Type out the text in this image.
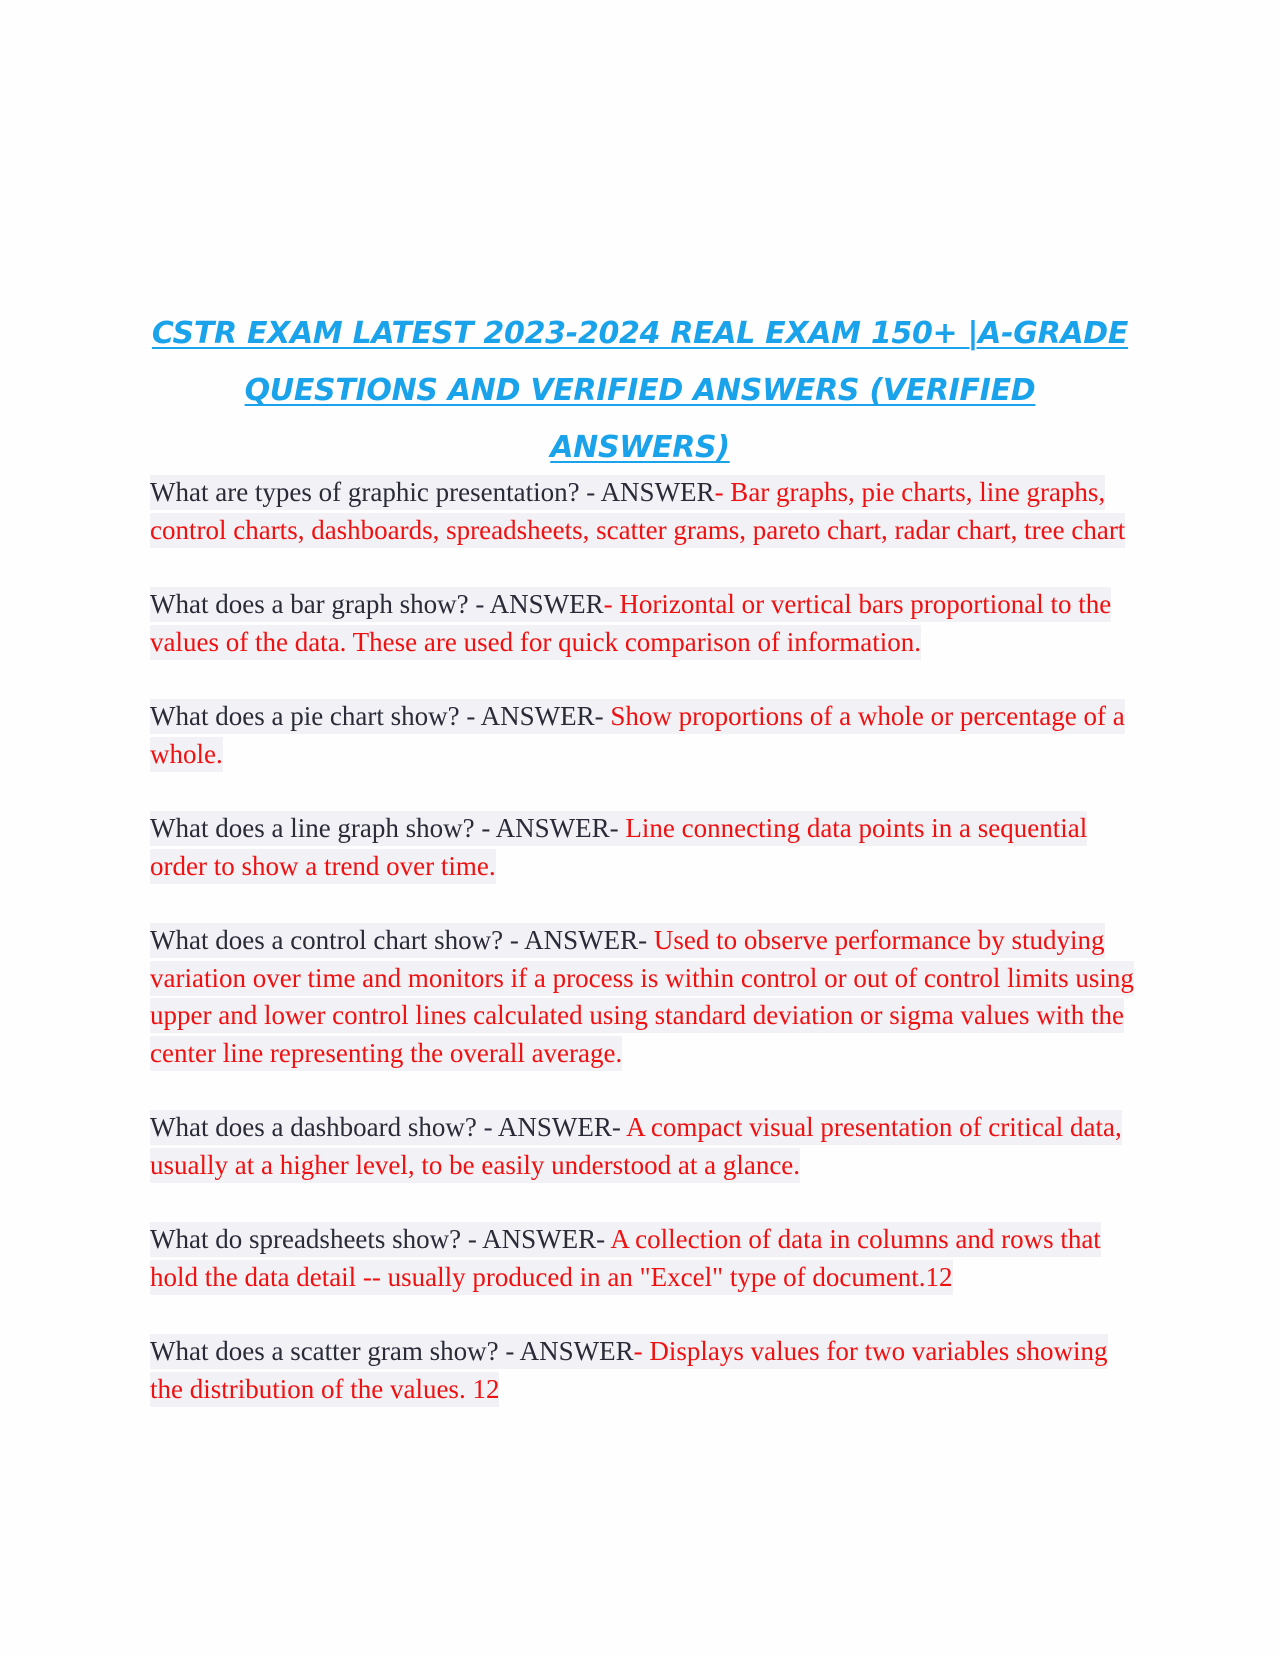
CSTR EXAM LATEST 2023-2024 REAL EXAM 150+ |A-GRADE
QUESTIONS AND VERIFIED ANSWERS (VERIFIED ANSWERS)

What are types of graphic presentation? - ANSWER- Bar graphs, pie charts, line graphs, control charts, dashboards, spreadsheets, scatter grams, pareto chart, radar chart, tree chart

What does a bar graph show? - ANSWER- Horizontal or vertical bars proportional to the values of the data. These are used for quick comparison of information.

What does a pie chart show? - ANSWER- Show proportions of a whole or percentage of a whole.

What does a line graph show? - ANSWER- Line connecting data points in a sequential order to show a trend over time.

What does a control chart show? - ANSWER- Used to observe performance by studying variation over time and monitors if a process is within control or out of control limits using upper and lower control lines calculated using standard deviation or sigma values with the center line representing the overall average.

What does a dashboard show? - ANSWER- A compact visual presentation of critical data, usually at a higher level, to be easily understood at a glance.

What do spreadsheets show? - ANSWER- A collection of data in columns and rows that hold the data detail -- usually produced in an "Excel" type of document.12

What does a scatter gram show? - ANSWER- Displays values for two variables showing the distribution of the values. 12
